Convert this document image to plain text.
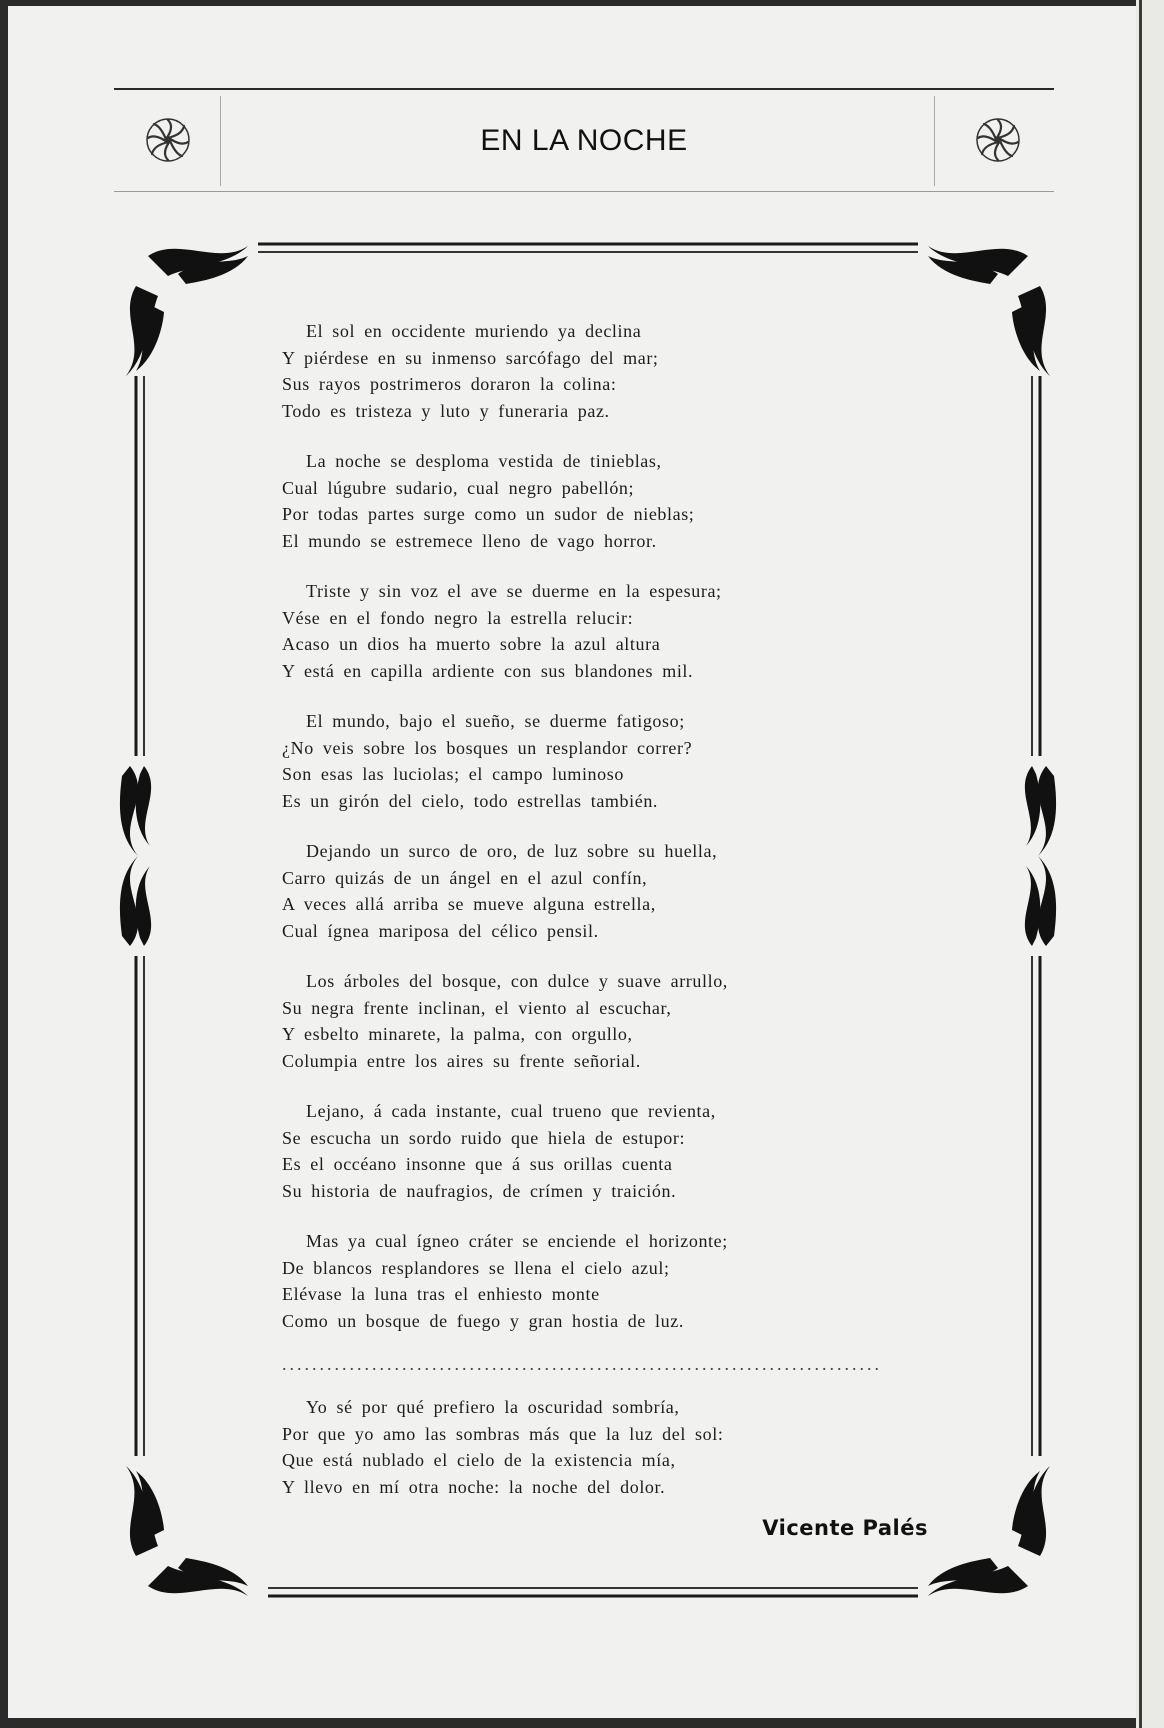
EN LA NOCHE
El sol en occidente muriendo ya declina
Y piérdese en su inmenso sarcófago del mar;
Sus rayos postrimeros doraron la colina:
Todo es tristeza y luto y funeraria paz.
La noche se desploma vestida de tinieblas,
Cual lúgubre sudario, cual negro pabellón;
Por todas partes surge como un sudor de nieblas;
El mundo se estremece lleno de vago horror.
Triste y sin voz el ave se duerme en la espesura;
Vése en el fondo negro la estrella relucir:
Acaso un dios ha muerto sobre la azul altura
Y está en capilla ardiente con sus blandones mil.
El mundo, bajo el sueño, se duerme fatigoso;
¿No veis sobre los bosques un resplandor correr?
Son esas las luciolas; el campo luminoso
Es un girón del cielo, todo estrellas también.
Dejando un surco de oro, de luz sobre su huella,
Carro quizás de un ángel en el azul confín,
A veces allá arriba se mueve alguna estrella,
Cual ígnea mariposa del célico pensil.
Los árboles del bosque, con dulce y suave arrullo,
Su negra frente inclinan, el viento al escuchar,
Y esbelto minarete, la palma, con orgullo,
Columpia entre los aires su frente señorial.
Lejano, á cada instante, cual trueno que revienta,
Se escucha un sordo ruido que hiela de estupor:
Es el occéano insonne que á sus orillas cuenta
Su historia de naufragios, de crímen y traición.
Mas ya cual ígneo cráter se enciende el horizonte;
De blancos resplandores se llena el cielo azul;
Elévase la luna tras el enhiesto monte
Como un bosque de fuego y gran hostia de luz.
................................................................................
Yo sé por qué prefiero la oscuridad sombría,
Por que yo amo las sombras más que la luz del sol:
Que está nublado el cielo de la existencia mía,
Y llevo en mí otra noche: la noche del dolor.
Vicente Palés
